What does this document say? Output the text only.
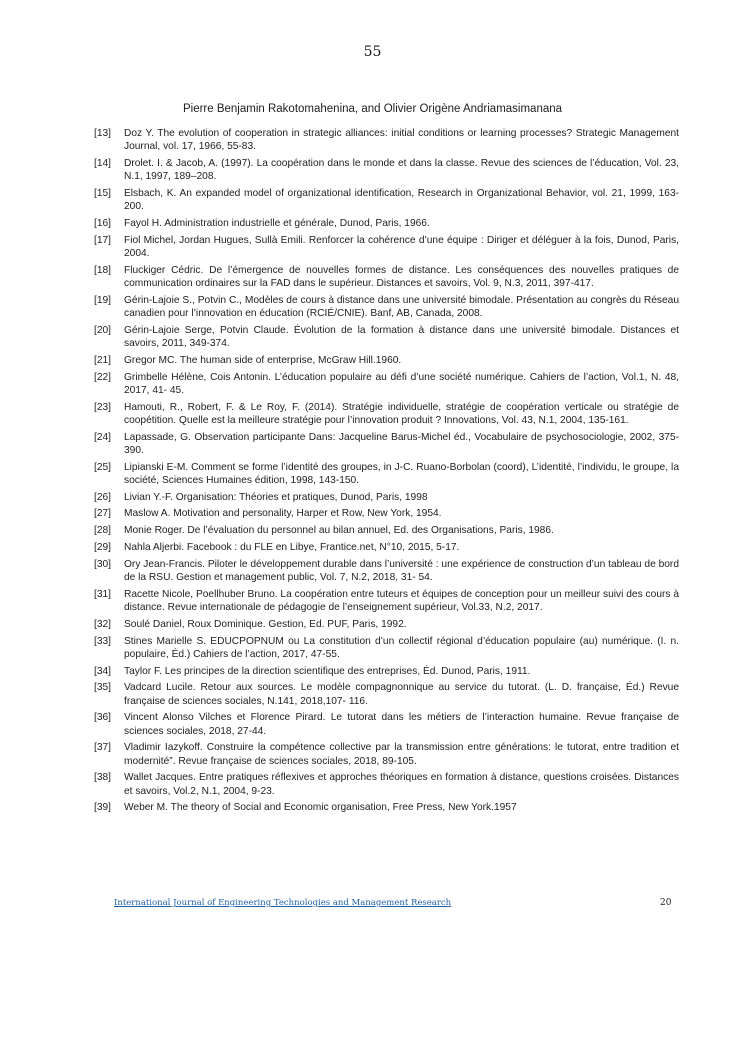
55
Pierre Benjamin Rakotomahenina, and Olivier Origène Andriamasimanana
[13]	Doz Y. The evolution of cooperation in strategic alliances: initial conditions or learning processes? Strategic Management Journal, vol. 17, 1966, 55-83.
[14]	Drolet. I. & Jacob, A. (1997). La coopération dans le monde et dans la classe. Revue des sciences de l’éducation, Vol. 23, N.1, 1997, 189–208.
[15]	Elsbach, K. An expanded model of organizational identification, Research in Organizational Behavior, vol. 21, 1999, 163-200.
[16]	Fayol H. Administration industrielle et générale, Dunod, Paris, 1966.
[17]	Fiol Michel, Jordan Hugues, Sullà Emili. Renforcer la cohérence d’une équipe : Diriger et déléguer à la fois, Dunod, Paris, 2004.
[18]	Fluckiger Cédric. De l’émergence de nouvelles formes de distance. Les conséquences des nouvelles pratiques de communication ordinaires sur la FAD dans le supérieur. Distances et savoirs, Vol. 9, N.3, 2011, 397-417.
[19]	Gérin-Lajoie S., Potvin C., Modèles de cours à distance dans une université bimodale. Présentation au congrès du Réseau canadien pour l’innovation en éducation (RCIÉ/CNIE). Banf, AB, Canada, 2008.
[20]	Gérin-Lajoie Serge, Potvin Claude. Évolution de la formation à distance dans une université bimodale. Distances et savoirs, 2011, 349-374.
[21]	Gregor MC. The human side of enterprise, McGraw Hill.1960.
[22]	Grimbelle Hélène, Cois Antonin. L’éducation populaire au défi d’une société numérique. Cahiers de l’action, Vol.1, N. 48, 2017, 41- 45.
[23]	Hamouti, R., Robert, F. & Le Roy, F. (2014). Stratégie individuelle, stratégie de coopération verticale ou stratégie de coopétition. Quelle est la meilleure stratégie pour l’innovation produit ? Innovations, Vol. 43, N.1, 2004, 135-161.
[24]	Lapassade, G. Observation participante Dans: Jacqueline Barus-Michel éd., Vocabulaire de psychosociologie, 2002, 375-390.
[25]	Lipianski E-M. Comment se forme l’identité des groupes, in J-C. Ruano-Borbolan (coord), L’identité, l’individu, le groupe, la société, Sciences Humaines édition, 1998, 143-150.
[26]	Livian Y.-F. Organisation: Théories et pratiques, Dunod, Paris, 1998
[27]	Maslow A. Motivation and personality, Harper et Row, New York, 1954.
[28]	Monie Roger. De l’évaluation du personnel au bilan annuel, Ed. des Organisations, Paris, 1986.
[29]	Nahla Aljerbi. Facebook : du FLE en Libye, Frantice.net, N°10, 2015, 5-17.
[30]	Ory Jean-Francis. Piloter le développement durable dans l’université : une expérience de construction d’un tableau de bord de la RSU. Gestion et management public, Vol. 7, N.2, 2018, 31- 54.
[31]	Racette Nicole, Poellhuber Bruno. La coopération entre tuteurs et équipes de conception pour un meilleur suivi des cours à distance. Revue internationale de pédagogie de l’enseignement supérieur, Vol.33, N.2, 2017.
[32]	Soulé Daniel, Roux Dominique. Gestion, Ed. PUF, Paris, 1992.
[33]	Stines Marielle S. EDUCPOPNUM ou La constitution d’un collectif régional d’éducation populaire (au) numérique. (I. n. populaire, Éd.) Cahiers de l’action, 2017, 47-55.
[34]	Taylor F. Les principes de la direction scientifique des entreprises, Éd. Dunod, Paris, 1911.
[35]	Vadcard Lucile. Retour aux sources. Le modèle compagnonnique au service du tutorat. (L. D. française, Éd.) Revue française de sciences sociales, N.141, 2018,107- 116.
[36]	Vincent Alonso Vilches et Florence Pirard. Le tutorat dans les métiers de l’interaction humaine. Revue française de sciences sociales, 2018, 27-44.
[37]	Vladimir Iazykoff. Construire la compétence collective par la transmission entre générations: le tutorat, entre tradition et modernité”. Revue française de sciences sociales, 2018, 89-105.
[38]	Wallet Jacques. Entre pratiques réflexives et approches théoriques en formation à distance, questions croisées. Distances et savoirs, Vol.2, N.1, 2004, 9-23.
[39]	Weber M. The theory of Social and Economic organisation, Free Press, New York.1957
International Journal of Engineering Technologies and Management Research	20
